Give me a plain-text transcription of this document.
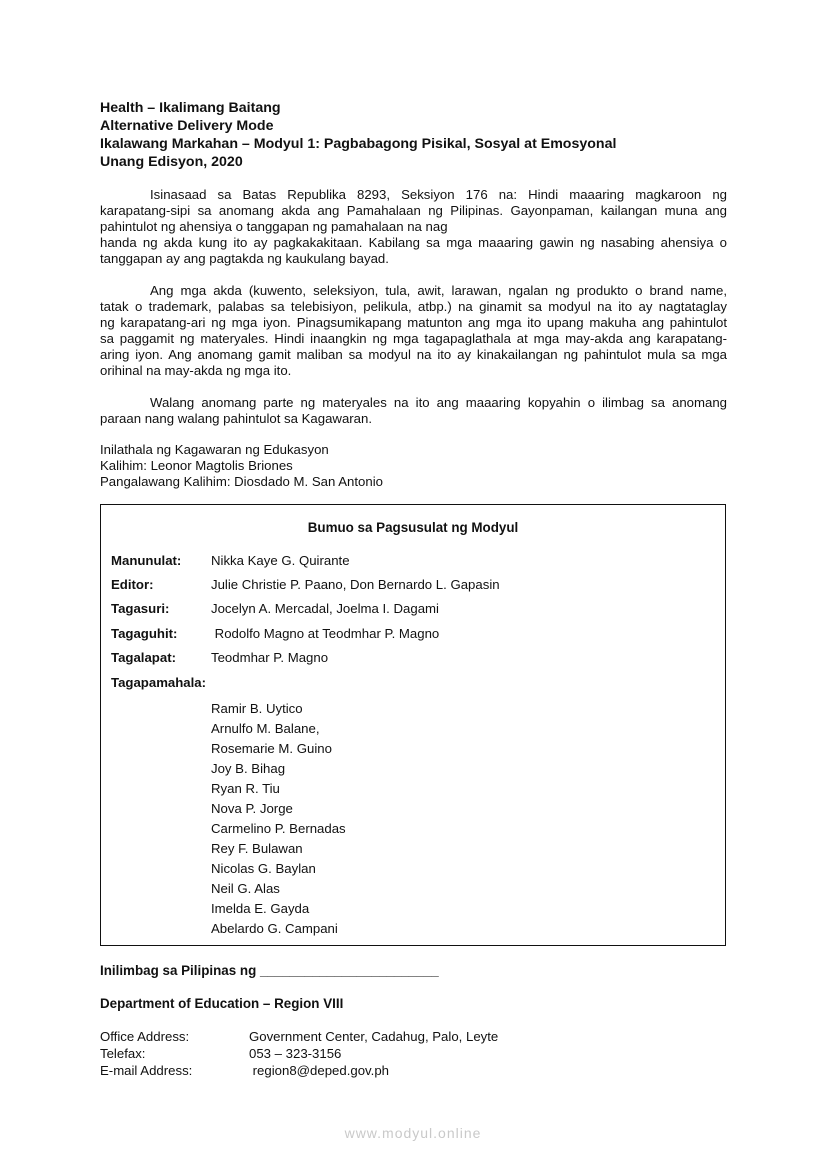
Health – Ikalimang Baitang
Alternative Delivery Mode
Ikalawang Markahan – Modyul 1: Pagbabagong Pisikal, Sosyal at Emosyonal
Unang Edisyon, 2020
Isinasaad sa Batas Republika 8293, Seksiyon 176 na: Hindi maaaring magkaroon ng
karapatang-sipi sa anomang akda ang Pamahalaan ng Pilipinas. Gayonpaman, kailangan muna ang
pahintulot ng ahensiya o tanggapan ng pamahalaan na nag
handa ng akda kung ito ay pagkakakitaan. Kabilang sa mga maaaring gawin ng nasabing ahensiya o
tanggapan ay ang pagtakda ng kaukulang bayad.
Ang mga akda (kuwento, seleksiyon, tula, awit, larawan, ngalan ng produkto o brand name,
tatak o trademark, palabas sa telebisiyon, pelikula, atbp.) na ginamit sa modyul na ito ay nagtataglay
ng karapatang-ari ng mga iyon. Pinagsumikapang matunton ang mga ito upang makuha ang pahintulot
sa paggamit ng materyales. Hindi inaangkin ng mga tagapaglathala at mga may-akda ang karapatang-
aring iyon. Ang anomang gamit maliban sa modyul na ito ay kinakailangan ng pahintulot mula sa mga
orihinal na may-akda ng mga ito.
Walang anomang parte ng materyales na ito ang maaaring kopyahin o ilimbag sa anomang
paraan nang walang pahintulot sa Kagawaran.
Inilathala ng Kagawaran ng Edukasyon
Kalihim: Leonor Magtolis Briones
Pangalawang Kalihim: Diosdado M. San Antonio
Bumuo sa Pagsusulat ng Modyul
Manunulat: Nikka Kaye G. Quirante
Editor:	Julie Christie P. Paano, Don Bernardo L. Gapasin
Tagasuri:	Jocelyn A. Mercadal, Joelma I. Dagami
Tagaguhit:	Rodolfo Magno at Teodmhar P. Magno
Tagalapat:	Teodmhar P. Magno
Tagapamahala:
Ramir B. Uytico
Arnulfo M. Balane,
Rosemarie M. Guino
Joy B. Bihag
Ryan R. Tiu
Nova P. Jorge
Carmelino P. Bernadas
Rey F. Bulawan
Nicolas G. Baylan
Neil G. Alas
Imelda E. Gayda
Abelardo G. Campani
Inilimbag sa Pilipinas ng ________________________
Department of Education – Region VIII
Office Address:	Government Center, Cadahug, Palo, Leyte
Telefax:	053 – 323-3156
E-mail Address:	region8@deped.gov.ph
www.modyul.online
